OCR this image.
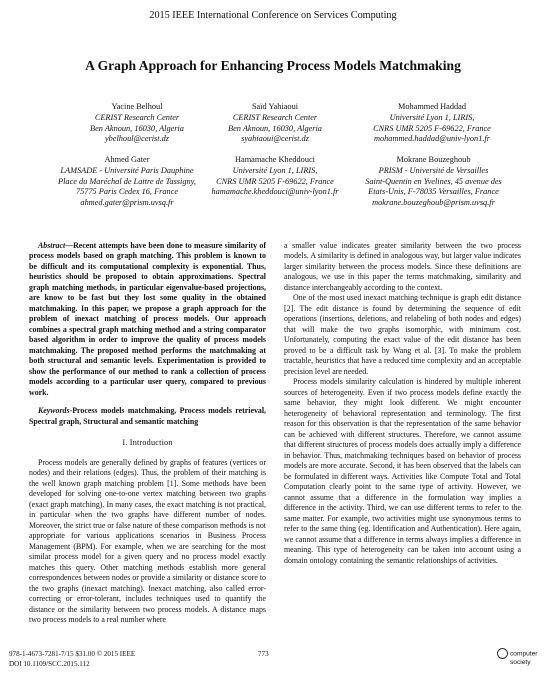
2015 IEEE International Conference on Services Computing
A Graph Approach for Enhancing Process Models Matchmaking
Yacine Belhoul
CERIST Research Center
Ben Aknoun, 16030, Algeria
ybelhoul@cerist.dz
Saïd Yahiaoui
CERIST Research Center
Ben Aknoun, 16030, Algeria
syahiaoui@cerist.dz
Mohammed Haddad
Université Lyon 1, LIRIS,
CNRS UMR 5205 F-69622, France
mohammed.haddad@univ-lyon1.fr
Ahmed Gater
LAMSADE - Université Paris Dauphine
Place du Maréchal de Lattre de Tassigny,
75775 Paris Cedex 16, France
ahmed.gater@prism.uvsq.fr
Hamamache Kheddouci
Université Lyon 1, LIRIS,
CNRS UMR 5205 F-69622, France
hamamache.kheddouci@univ-lyon1.fr
Mokrane Bouzeghoub
PRISM - Université de Versailles
Saint-Quentin en Yvelines, 45 avenue des
Etats-Unis, F-78035 Versailles, France
mokrane.bouzeghoub@prism.uvsq.fr

Abstract—Recent attempts have been done to measure similarity of process models based on graph matching. This problem is known to be difficult and its computational complexity is exponential. Thus, heuristics should be proposed to obtain approximations. Spectral graph matching methods, in particular eigenvalue-based projections, are know to be fast but they lost some quality in the obtained matchmaking. In this paper, we propose a graph approach for the problem of inexact matching of process models. Our approach combines a spectral graph matching method and a string comparator based algorithm in order to improve the quality of process models matchmaking. The proposed method performs the matchmaking at both structural and semantic levels. Experimentation is provided to show the performance of our method to rank a collection of process models according to a particular user query, compared to previous work.

Keywords-Process models matchmaking, Process models retrieval, Spectral graph, Structural and semantic matching

I. Introduction

Process models are generally defined by graphs of features (vertices or nodes) and their relations (edges). Thus, the problem of their matching is the well known graph matching problem [1]. Some methods have been developed for solving one-to-one vertex matching between two graphs (exact graph matching). In many cases, the exact matching is not practical, in particular when the two graphs have different number of nodes. Moreover, the strict true or false nature of these comparison methods is not appropriate for various applications scenarios in Business Process Management (BPM). For example, when we are searching for the most similar process model for a given query and no process model exactly matches this query. Other matching methods establish more general correspondences between nodes or provide a similarity or distance score to the two graphs (inexact matching). Inexact matching, also called error-correcting or error-tolerant, includes techniques used to quantify the distance or the similarity between two process models. A distance maps two process models to a real number where

a smaller value indicates greater similarity between the two process models. A similarity is defined in analogous way, but larger value indicates larger similarity between the process models. Since these definitions are analogous, we use in this paper the terms matchmaking, similarity and distance interchangeably according to the context.

One of the most used inexact matching technique is graph edit distance [2]. The edit distance is found by determining the sequence of edit operations (insertions, deletions, and relabeling of both nodes and edges) that will make the two graphs isomorphic, with minimum cost. Unfortunately, computing the exact value of the edit distance has been proved to be a difficult task by Wang et al. [3]. To make the problem tractable, heuristics that have a reduced time complexity and an acceptable precision level are needed.

Process models similarity calculation is hindered by multiple inherent sources of heterogeneity. Even if two process models define exactly the same behavior, they might look different. We might encounter heterogeneity of behavioral representation and terminology. The first reason for this observation is that the representation of the same behavior can be achieved with different structures. Therefore, we cannot assume that different structures of process models does actually imply a difference in behavior. Thus, matchmaking techniques based on behavior of process models are more accurate. Second, it has been observed that the labels can be formulated in different ways. Activities like Compute Total and Total Computation clearly point to the same type of activity. However, we cannot assume that a difference in the formulation way implies a difference in the activity. Third, we can use different terms to refer to the same matter. For example, two activities might use synonymous terms to refer to the same thing (eg. Identification and Authentication). Here again, we cannot assume that a difference in terms always implies a difference in meaning. This type of heterogeneity can be taken into account using a domain ontology containing the semantic relationships of activities.

978-1-4673-7281-7/15 $31.00 © 2015 IEEE
DOI 10.1109/SCC.2015.112
773	computer
society
